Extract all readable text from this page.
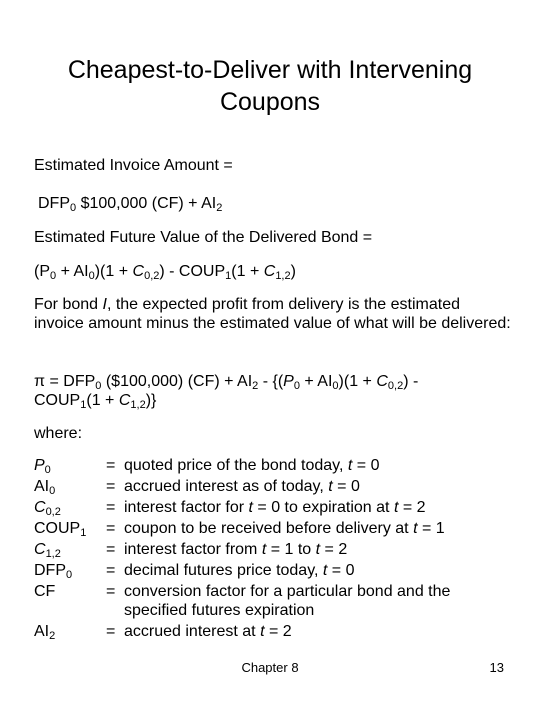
Cheapest-to-Deliver with Intervening
Coupons
Estimated Invoice Amount =
$DFP_0$ $100,000 $(CF) + AI_2$
Estimated Future Value of the Delivered Bond =
$(P_0 + AI_0)(1 + C_{0,2})$ - $COUP_1(1 + C_{1,2})$
For bond I, the expected profit from delivery is the estimated invoice amount minus the estimated value of what will be delivered:
$\pi = DFP_0$ ($100,000) $(CF) + AI_2 - \{(P_0 + AI_0)(1 + C_{0,2})$ -
$COUP_1(1 + C_{1,2})$}
where:
$P_0$	= quoted price of the bond today, t = 0
$AI_0$	= accrued interest as of today, t = 0
$C_{0,2}$	= interest factor for t = 0 to expiration at t = 2
$COUP_1$ = coupon to be received before delivery at t = 1
$C_{1,2}$	= interest factor from t = 1 to t = 2
$DFP_0$ = decimal futures price today, t = 0
CF	= conversion factor for a particular bond and the
specified futures expiration
$AI_2$	= accrued interest at t = 2
Chapter 8	13
